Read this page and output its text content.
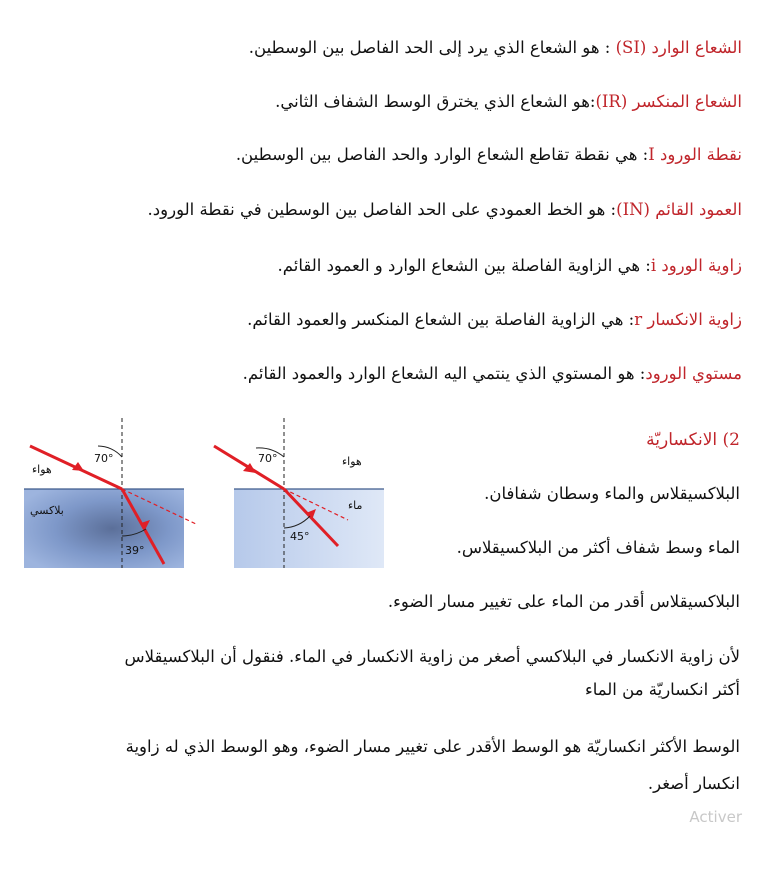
الشعاع الوارد (SI) : هو الشعاع الذي يرد إلى الحد الفاصل بين الوسطين.
الشعاع المنكسر (IR):هو الشعاع الذي يخترق الوسط الشفاف الثاني.
نقطة الورود I: هي نقطة تقاطع الشعاع الوارد والحد الفاصل بين الوسطين.
العمود القائم (IN): هو الخط العمودي على الحد الفاصل بين الوسطين في نقطة الورود.
زاوية الورود i: هي الزاوية الفاصلة بين الشعاع الوارد و العمود القائم.
زاوية الانكسار r: هي الزاوية الفاصلة بين الشعاع المنكسر والعمود القائم.
مستوي الورود: هو المستوي الذي ينتمي اليه الشعاع الوارد والعمود القائم.
2) الانكساريّة
البلاكسيقلاس والماء وسطان شفافان.
الماء وسط شفاف أكثر من البلاكسيقلاس.
البلاكسيقلاس أقدر من الماء على تغيير مسار الضوء.
لأن زاوية الانكسار في البلاكسي أصغر من زاوية الانكسار في الماء. فنقول أن البلاكسيقلاس
أكثر انكساريّة من الماء
الوسط الأكثر انكساريّة هو الوسط الأقدر على تغيير مسار الضوء، وهو الوسط الذي له زاوية
انكسار أصغر.
70°
39°
هواء
بلاكسي
70°
45°
هواء
ماء
Activer
